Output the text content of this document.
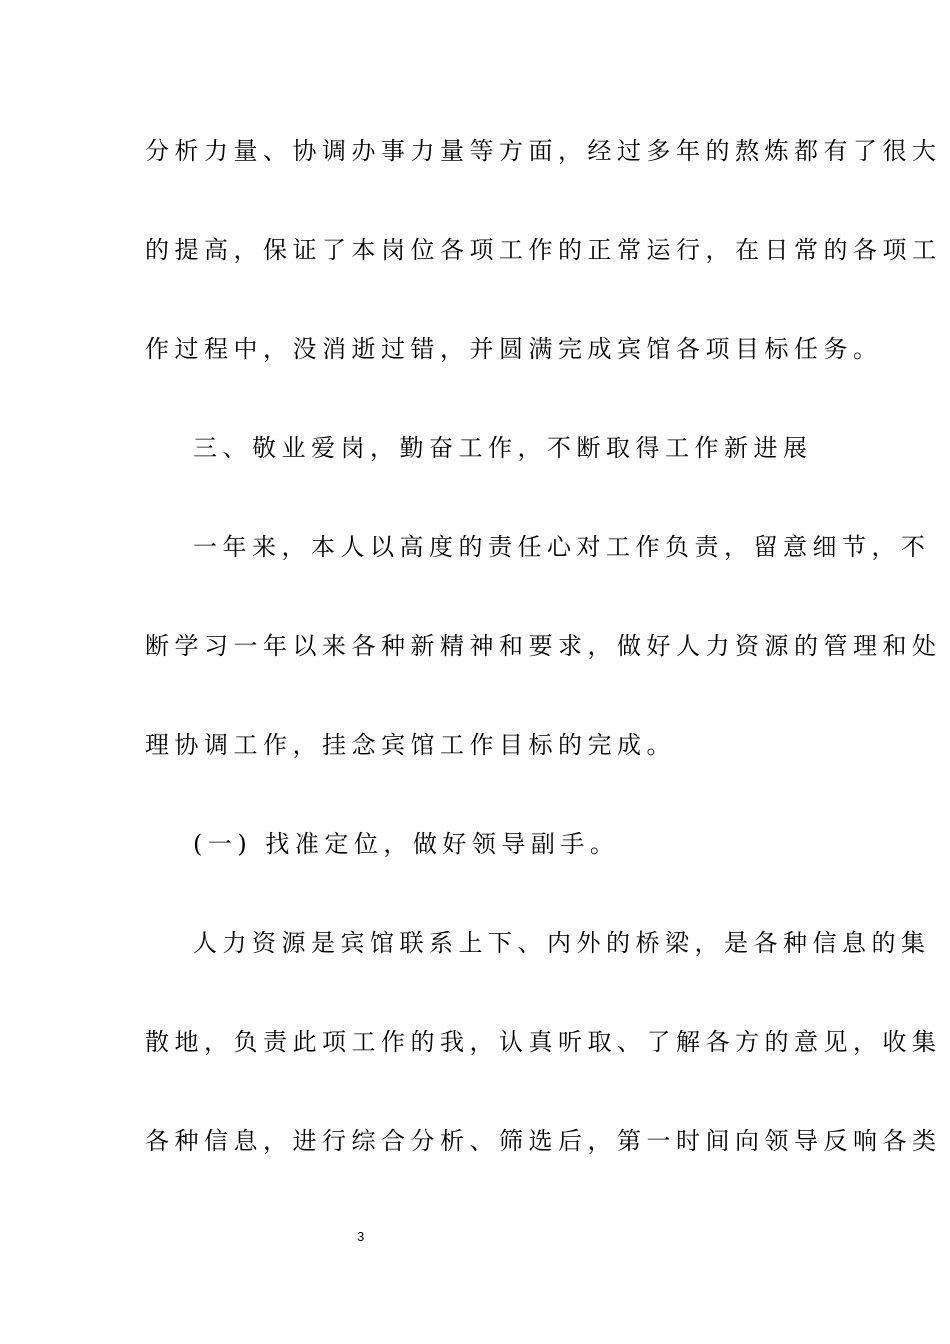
分析力量、协调办事力量等方面，经过多年的熬炼都有了很大
的提高，保证了本岗位各项工作的正常运行，在日常的各项工
作过程中，没消逝过错，并圆满完成宾馆各项目标任务。
三、敬业爱岗，勤奋工作，不断取得工作新进展
一年来，本人以高度的责任心对工作负责，留意细节，不
断学习一年以来各种新精神和要求，做好人力资源的管理和处
理协调工作，挂念宾馆工作目标的完成。
(一) 找准定位，做好领导副手。
人力资源是宾馆联系上下、内外的桥梁，是各种信息的集
散地，负责此项工作的我，认真听取、了解各方的意见，收集
各种信息，进行综合分析、筛选后，第一时间向领导反响各类
3
